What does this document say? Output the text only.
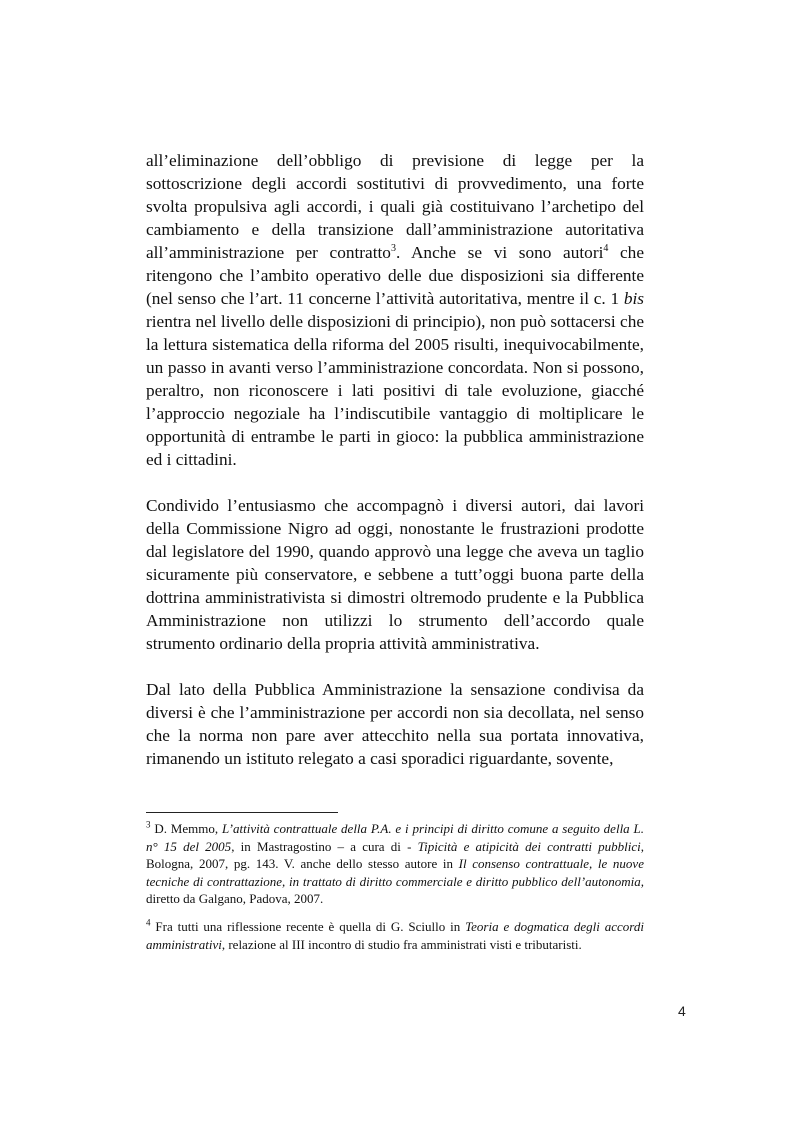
all’eliminazione dell’obbligo di previsione di legge per la sottoscrizione degli accordi sostitutivi di provvedimento, una forte svolta propulsiva agli accordi, i quali già costituivano l’archetipo del cambiamento e della transizione dall’amministrazione autoritativa all’amministrazione per contratto$^3$. Anche se vi sono autori$^4$ che ritengono che l’ambito operativo delle due disposizioni sia differente (nel senso che l’art. 11 concerne l’attività autoritativa, mentre il c. 1 bis rientra nel livello delle disposizioni di principio), non può sottacersi che la lettura sistematica della riforma del 2005 risulti, inequivocabilmente, un passo in avanti verso l’amministrazione concordata. Non si possono, peraltro, non riconoscere i lati positivi di tale evoluzione, giacché l’approccio negoziale ha l’indiscutibile vantaggio di moltiplicare le opportunità di entrambe le parti in gioco: la pubblica amministrazione ed i cittadini.

Condivido l’entusiasmo che accompagnò i diversi autori, dai lavori della Commissione Nigro ad oggi, nonostante le frustrazioni prodotte dal legislatore del 1990, quando approvò una legge che aveva un taglio sicuramente più conservatore, e sebbene a tutt’oggi buona parte della dottrina amministrativista si dimostri oltremodo prudente e la Pubblica Amministrazione non utilizzi lo strumento dell’accordo quale strumento ordinario della propria attività amministrativa.

Dal lato della Pubblica Amministrazione la sensazione condivisa da diversi è che l’amministrazione per accordi non sia decollata, nel senso che la norma non pare aver attecchito nella sua portata innovativa, rimanendo un istituto relegato a casi sporadici riguardante, sovente,

$^3$ D. Memmo, L’attività contrattuale della P.A. e i principi di diritto comune a seguito della L. n° 15 del 2005, in Mastragostino – a cura di - Tipicità e atipicità dei contratti pubblici, Bologna, 2007, pg. 143. V. anche dello stesso autore in Il consenso contrattuale, le nuove tecniche di contrattazione, in trattato di diritto commerciale e diritto pubblico dell’autonomia, diretto da Galgano, Padova, 2007.

$^4$ Fra tutti una riflessione recente è quella di G. Sciullo in Teoria e dogmatica degli accordi amministrativi, relazione al III incontro di studio fra amministrati visti e tributaristi.

4
